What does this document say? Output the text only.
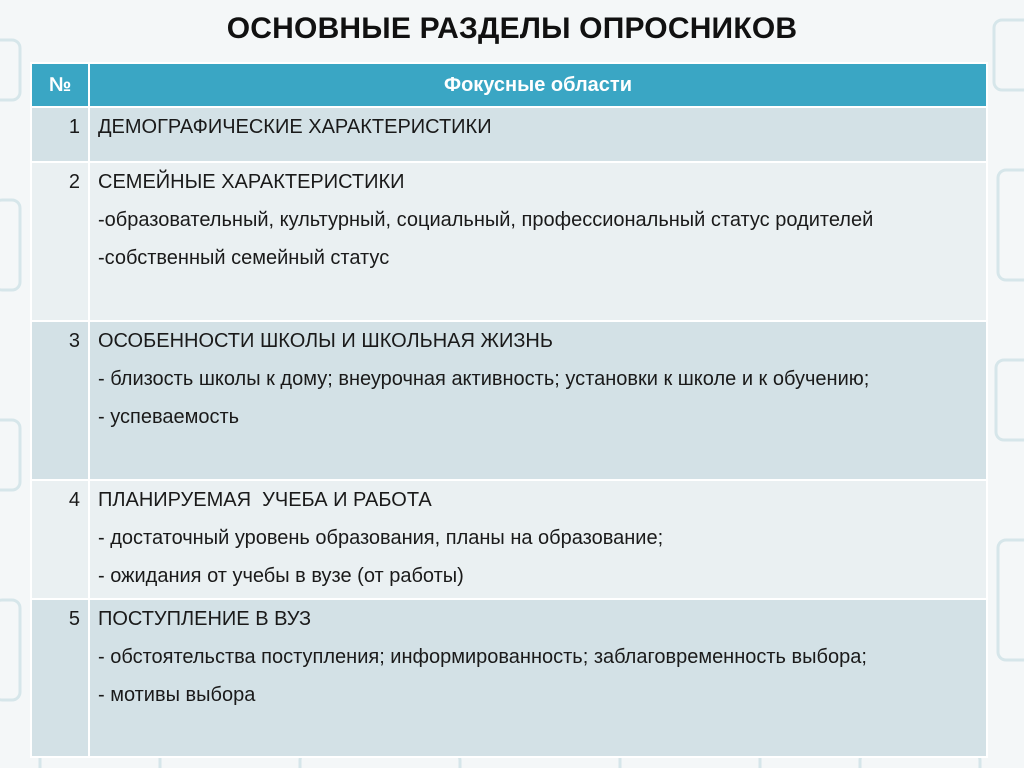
ОСНОВНЫЕ РАЗДЕЛЫ ОПРОСНИКОВ
№	Фокусные области
1	ДЕМОГРАФИЧЕСКИЕ ХАРАКТЕРИСТИКИ

2	СЕМЕЙНЫЕ ХАРАКТЕРИСТИКИ
-образовательный, культурный, социальный, профессиональный статус родителей
-собственный семейный статус

3	ОСОБЕННОСТИ ШКОЛЫ И ШКОЛЬНАЯ ЖИЗНЬ
- близость школы к дому; внеурочная активность; установки к школе и к обучению;
- успеваемость

4	ПЛАНИРУЕМАЯ  УЧЕБА И РАБОТА
- достаточный уровень образования, планы на образование;
- ожидания от учебы в вузе (от работы)

5	ПОСТУПЛЕНИЕ В ВУЗ
- обстоятельства поступления; информированность; заблаговременность выбора;
- мотивы выбора
